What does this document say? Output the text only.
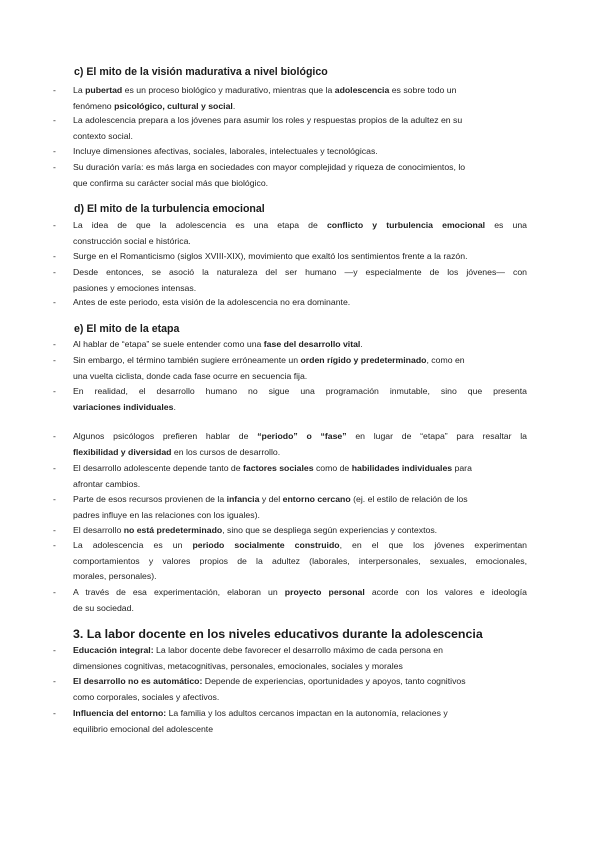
c) El mito de la visión madurativa a nivel biológico
- La pubertad es un proceso biológico y madurativo, mientras que la adolescencia es sobre todo un

fenómeno psicológico, cultural y social.

- La adolescencia prepara a los jóvenes para asumir los roles y respuestas propios de la adultez en su

contexto social.

- Incluye dimensiones afectivas, sociales, laborales, intelectuales y tecnológicas.

- Su duración varía: es más larga en sociedades con mayor complejidad y riqueza de conocimientos, lo

que confirma su carácter social más que biológico.

d) El mito de la turbulencia emocional
- La idea de que la adolescencia es una etapa de conflicto y turbulencia emocional es una

construcción social e histórica.

- Surge en el Romanticismo (siglos XVIII-XIX), movimiento que exaltó los sentimientos frente a la razón.

- Desde entonces, se asoció la naturaleza del ser humano —y especialmente de los jóvenes— con

pasiones y emociones intensas.

- Antes de este periodo, esta visión de la adolescencia no era dominante.

e) El mito de la etapa
- Al hablar de “etapa” se suele entender como una fase del desarrollo vital.

- Sin embargo, el término también sugiere erróneamente un orden rígido y predeterminado, como en

una vuelta ciclista, donde cada fase ocurre en secuencia fija.

- En realidad, el desarrollo humano no sigue una programación inmutable, sino que presenta

variaciones individuales.

- Algunos psicólogos prefieren hablar de “periodo” o “fase” en lugar de “etapa” para resaltar la

flexibilidad y diversidad en los cursos de desarrollo.

- El desarrollo adolescente depende tanto de factores sociales como de habilidades individuales para

afrontar cambios.

- Parte de esos recursos provienen de la infancia y del entorno cercano (ej. el estilo de relación de los

padres influye en las relaciones con los iguales).

- El desarrollo no está predeterminado, sino que se despliega según experiencias y contextos.

- La adolescencia es un periodo socialmente construido, en el que los jóvenes experimentan

comportamientos y valores propios de la adultez (laborales, interpersonales, sexuales, emocionales,

morales, personales).

- A través de esa experimentación, elaboran un proyecto personal acorde con los valores e ideología

de su sociedad.

3. La labor docente en los niveles educativos durante la adolescencia
- Educación integral: La labor docente debe favorecer el desarrollo máximo de cada persona en

dimensiones cognitivas, metacognitivas, personales, emocionales, sociales y morales

- El desarrollo no es automático: Depende de experiencias, oportunidades y apoyos, tanto cognitivos

como corporales, sociales y afectivos.

- Influencia del entorno: La familia y los adultos cercanos impactan en la autonomía, relaciones y

equilibrio emocional del adolescente
